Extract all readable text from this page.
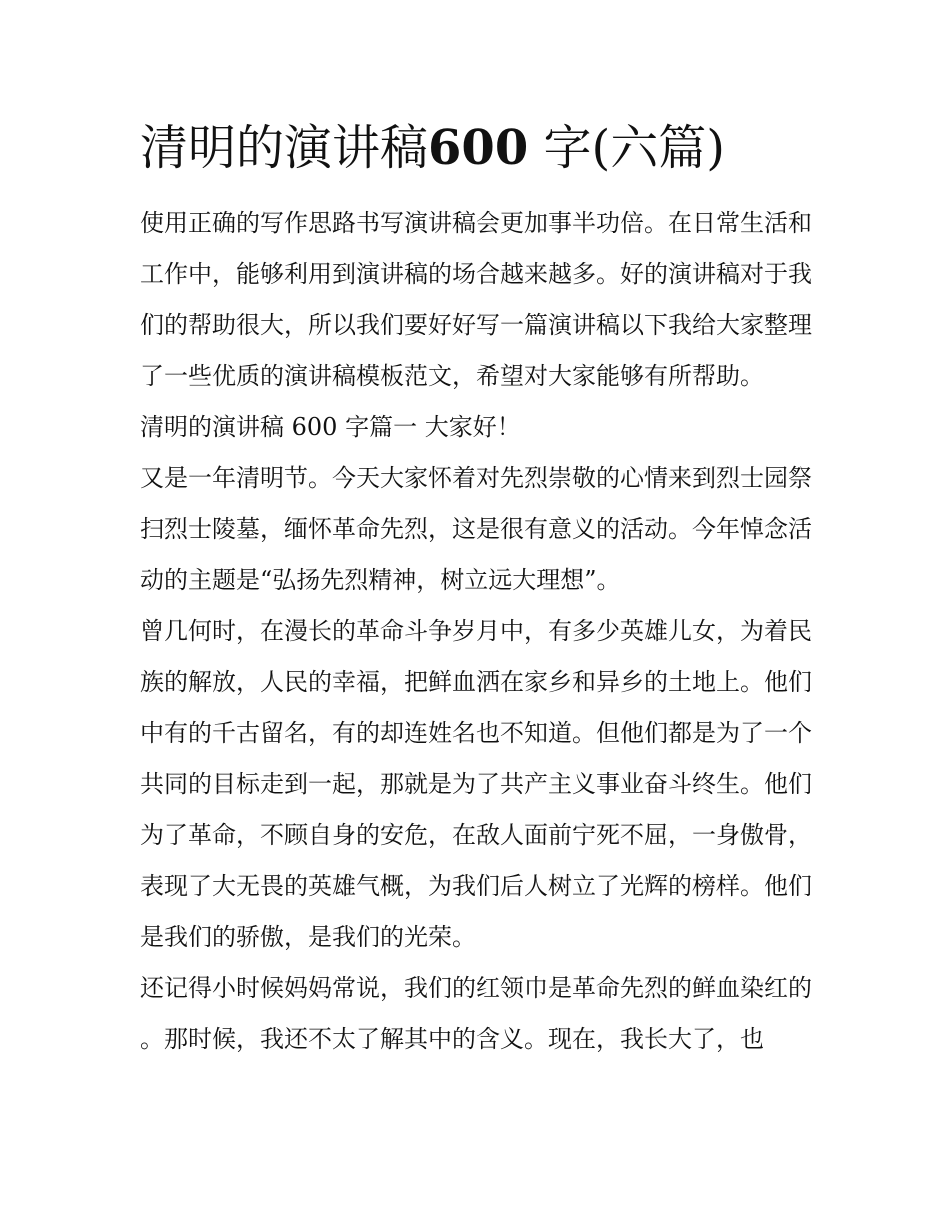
清明的演讲稿600 字(六篇)

使用正确的写作思路书写演讲稿会更加事半功倍。在日常生活和工作中，能够利用到演讲稿的场合越来越多。好的演讲稿对于我们的帮助很大，所以我们要好好写一篇演讲稿以下我给大家整理了一些优质的演讲稿模板范文，希望对大家能够有所帮助。

清明的演讲稿 600 字篇一 大家好！

又是一年清明节。今天大家怀着对先烈崇敬的心情来到烈士园祭扫烈士陵墓，缅怀革命先烈，这是很有意义的活动。今年悼念活动的主题是“弘扬先烈精神，树立远大理想”。

曾几何时，在漫长的革命斗争岁月中，有多少英雄儿女，为着民族的解放，人民的幸福，把鲜血洒在家乡和异乡的土地上。他们中有的千古留名，有的却连姓名也不知道。但他们都是为了一个共同的目标走到一起，那就是为了共产主义事业奋斗终生。他们为了革命，不顾自身的安危，在敌人面前宁死不屈，一身傲骨，表现了大无畏的英雄气概，为我们后人树立了光辉的榜样。他们是我们的骄傲，是我们的光荣。

还记得小时候妈妈常说，我们的红领巾是革命先烈的鲜血染红的。那时候，我还不太了解其中的含义。现在，我长大了，也
